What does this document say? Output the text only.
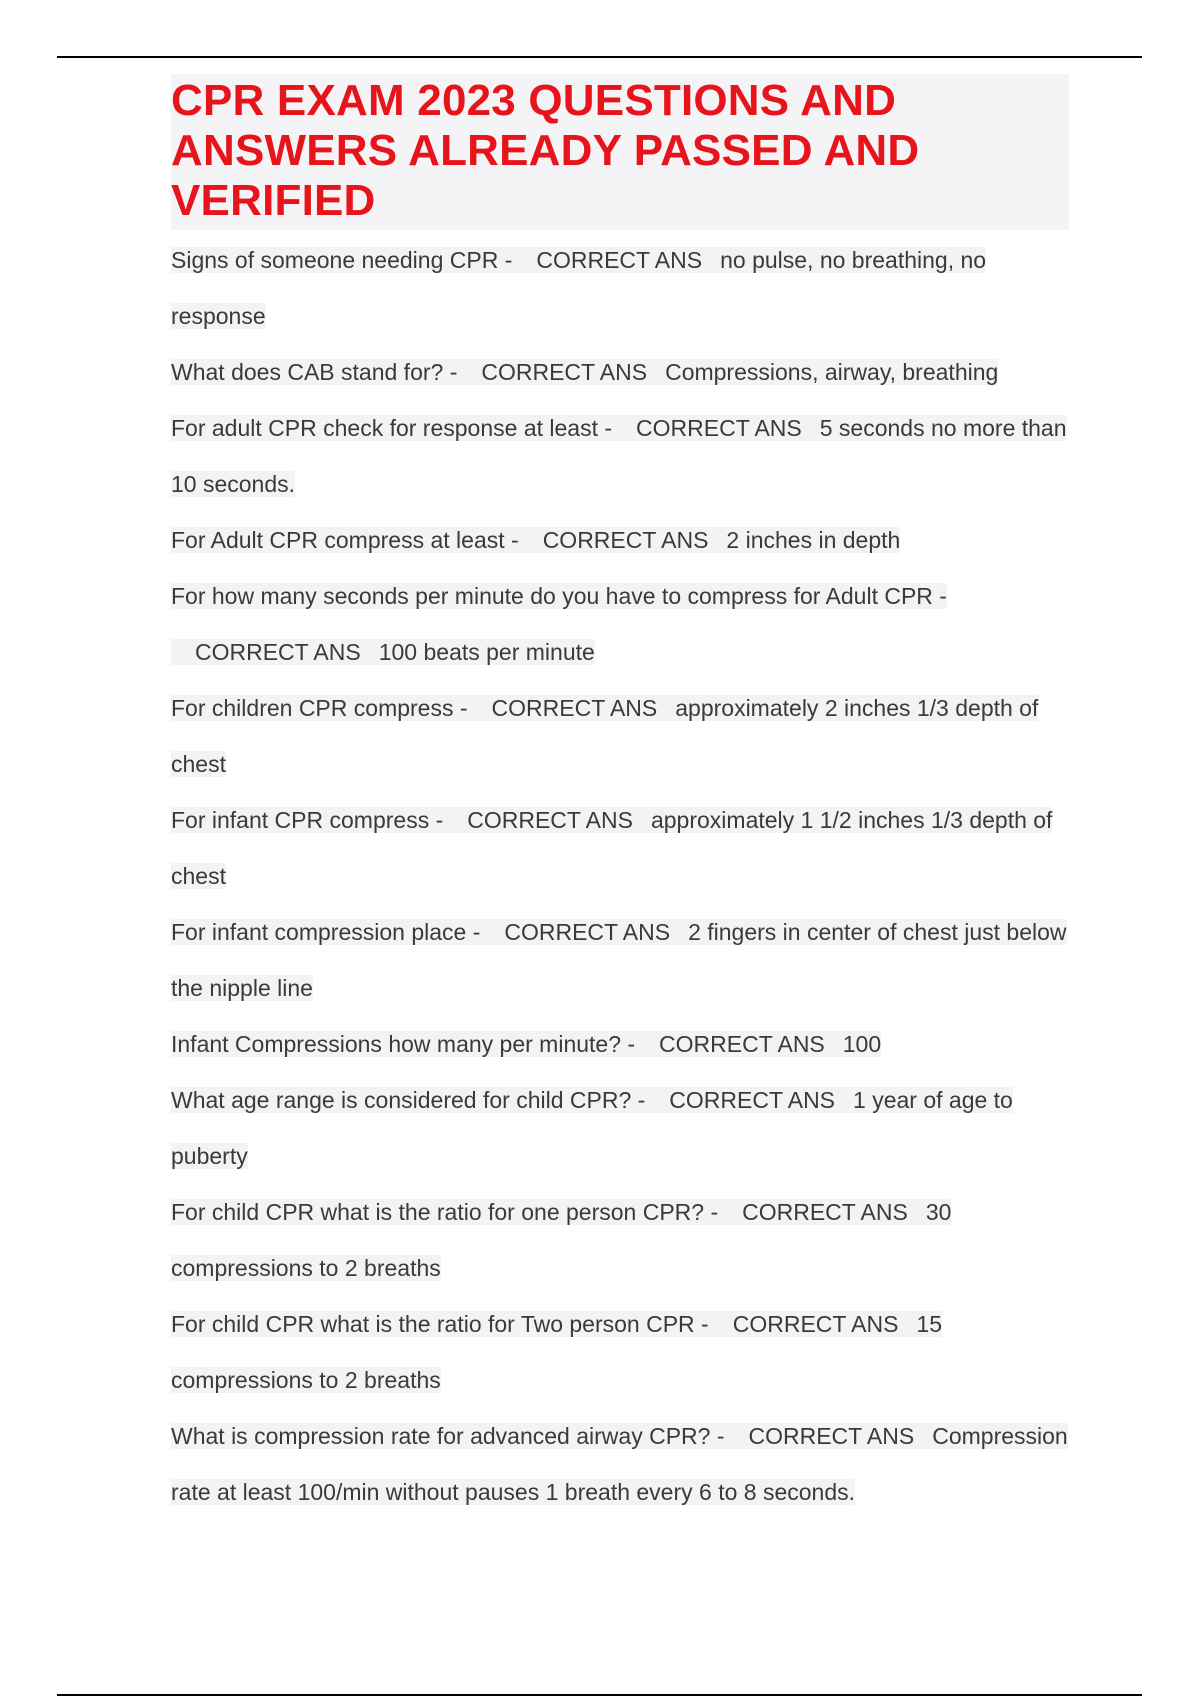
CPR EXAM 2023 QUESTIONS AND ANSWERS ALREADY PASSED AND VERIFIED
Signs of someone needing CPR - CORRECT ANS no pulse, no breathing, no response
What does CAB stand for? - CORRECT ANS Compressions, airway, breathing
For adult CPR check for response at least - CORRECT ANS 5 seconds no more than 10 seconds.
For Adult CPR compress at least - CORRECT ANS 2 inches in depth
For how many seconds per minute do you have to compress for Adult CPR -CORRECT ANS 100 beats per minute
For children CPR compress - CORRECT ANS approximately 2 inches 1/3 depth of chest
For infant CPR compress - CORRECT ANS approximately 1 1/2 inches 1/3 depth of chest
For infant compression place - CORRECT ANS 2 fingers in center of chest just below the nipple line
Infant Compressions how many per minute? - CORRECT ANS 100
What age range is considered for child CPR? - CORRECT ANS 1 year of age to puberty
For child CPR what is the ratio for one person CPR? - CORRECT ANS 30 compressions to 2 breaths
For child CPR what is the ratio for Two person CPR - CORRECT ANS 15 compressions to 2 breaths
What is compression rate for advanced airway CPR? - CORRECT ANS Compression rate at least 100/min without pauses 1 breath every 6 to 8 seconds.
